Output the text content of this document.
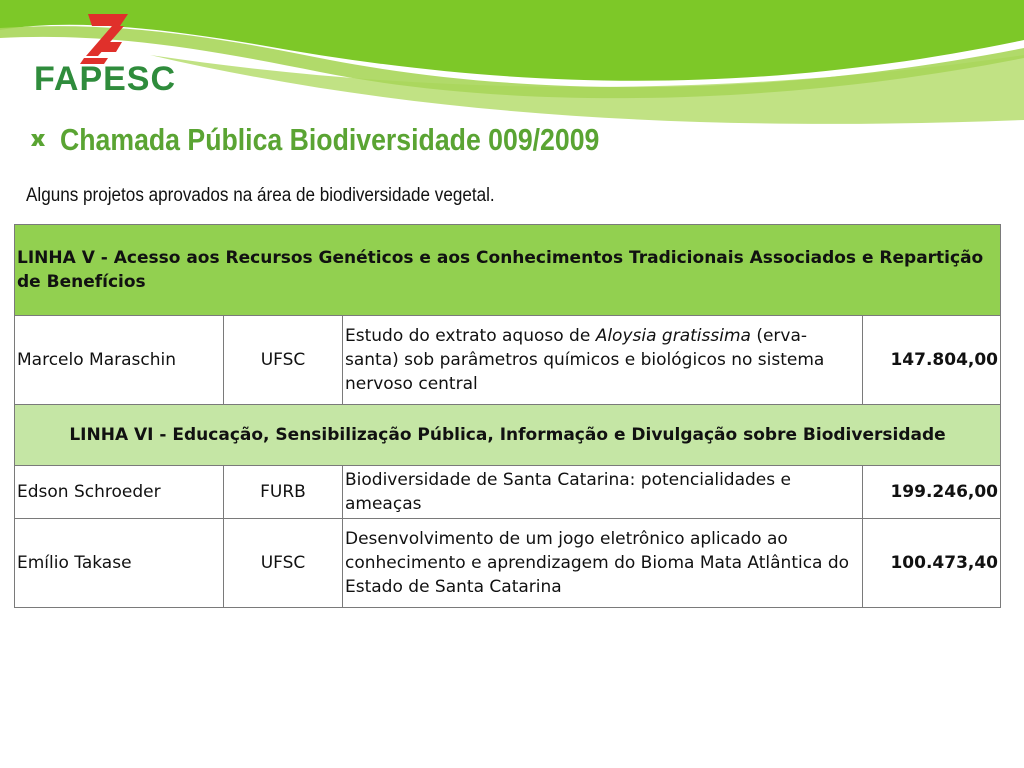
FAPESC
Chamada Pública Biodiversidade 009/2009
Alguns projetos aprovados na área de biodiversidade vegetal.
LINHA V - Acesso aos Recursos Genéticos e aos Conhecimentos Tradicionais Associados e Repartição de Benefícios			
Marcelo Maraschin	UFSC	Estudo do extrato aquoso de Aloysia gratissima (erva-santa) sob parâmetros químicos e biológicos no sistema nervoso central	147.804,00
LINHA VI - Educação, Sensibilização Pública, Informação e Divulgação sobre Biodiversidade			
Edson Schroeder	FURB	Biodiversidade de Santa Catarina: potencialidades e ameaças	199.246,00
Emílio Takase	UFSC	Desenvolvimento de um jogo eletrônico aplicado ao conhecimento e aprendizagem do Bioma Mata Atlântica do Estado de Santa Catarina	100.473,40
